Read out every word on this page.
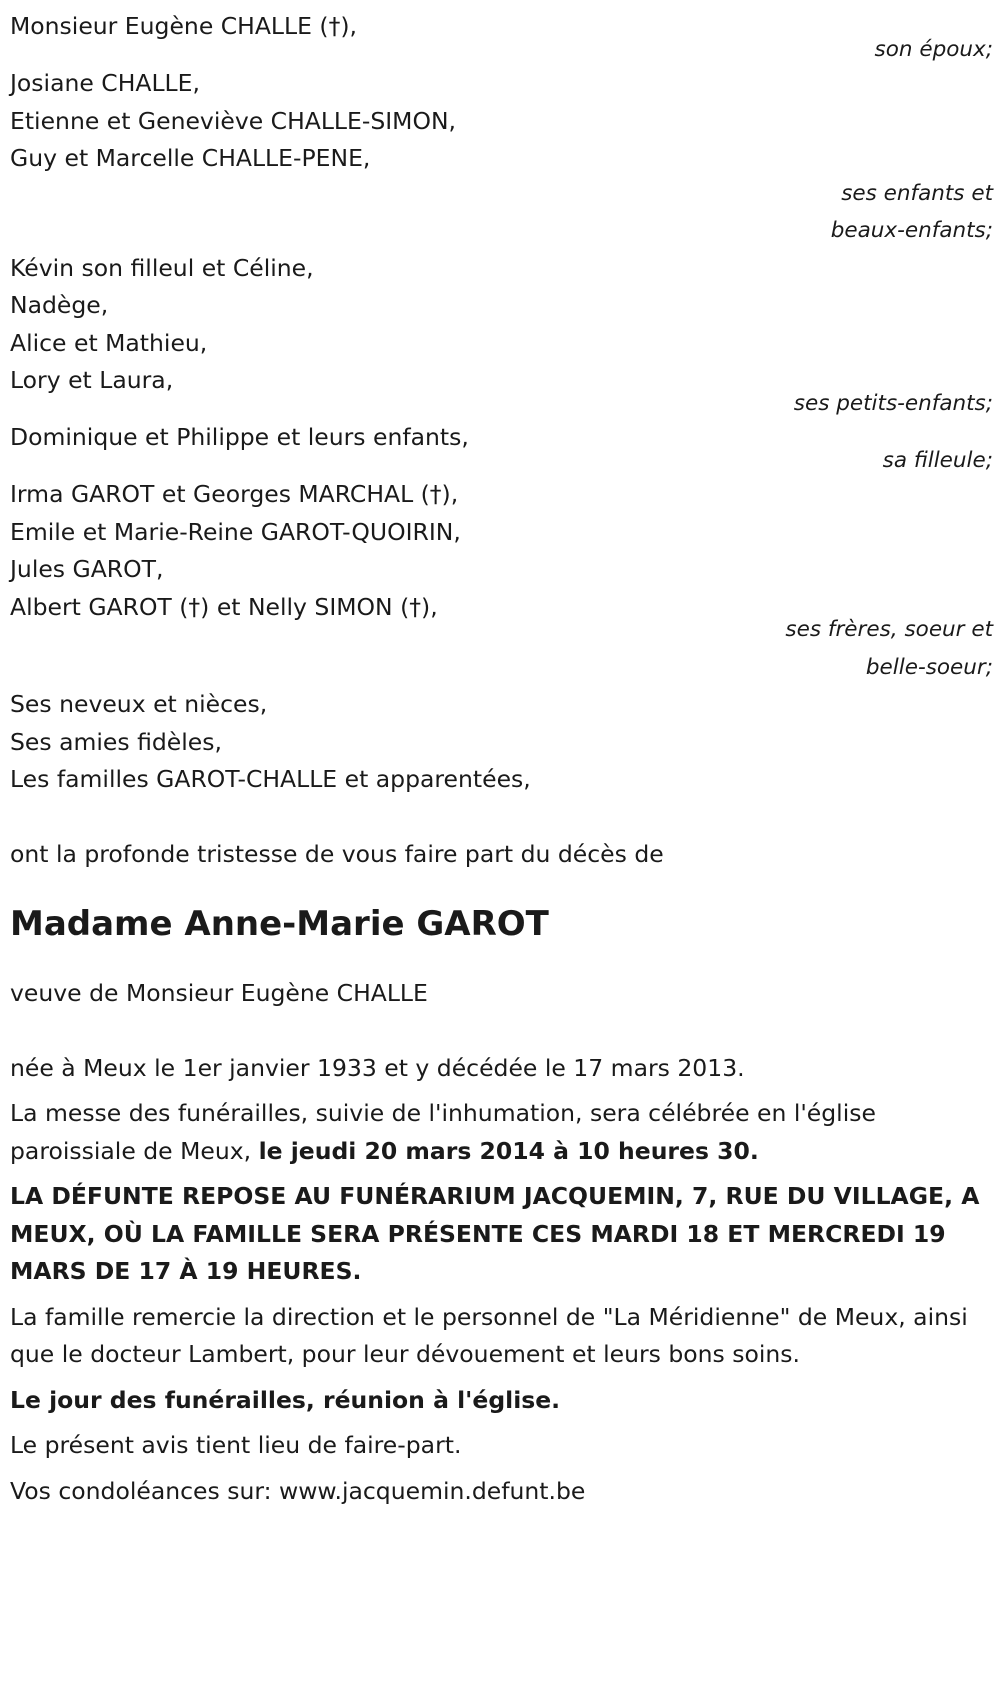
Monsieur Eugène CHALLE (†),
son époux;
Josiane CHALLE,
Etienne et Geneviève CHALLE-SIMON,
Guy et Marcelle CHALLE-PENE,
ses enfants et
beaux-enfants;
Kévin son filleul et Céline,
Nadège,
Alice et Mathieu,
Lory et Laura,
ses petits-enfants;
Dominique et Philippe et leurs enfants,
sa filleule;
Irma GAROT et Georges MARCHAL (†),
Emile et Marie-Reine GAROT-QUOIRIN,
Jules GAROT,
Albert GAROT (†) et Nelly SIMON (†),
ses frères, soeur et
belle-soeur;
Ses neveux et nièces,
Ses amies fidèles,
Les familles GAROT-CHALLE et apparentées,
ont la profonde tristesse de vous faire part du décès de
Madame Anne-Marie GAROT
veuve de Monsieur Eugène CHALLE
née à Meux le 1er janvier 1933 et y décédée le 17 mars 2013.
La messe des funérailles, suivie de l'inhumation, sera célébrée en l'église paroissiale de Meux, le jeudi 20 mars 2014 à 10 heures 30.
LA DÉFUNTE REPOSE AU FUNÉRARIUM JACQUEMIN, 7, RUE DU VILLAGE, A MEUX, OÙ LA FAMILLE SERA PRÉSENTE CES MARDI 18 ET MERCREDI 19 MARS DE 17 À 19 HEURES.
La famille remercie la direction et le personnel de "La Méridienne" de Meux, ainsi que le docteur Lambert, pour leur dévouement et leurs bons soins.
Le jour des funérailles, réunion à l'église.
Le présent avis tient lieu de faire-part.
Vos condoléances sur: www.jacquemin.defunt.be
